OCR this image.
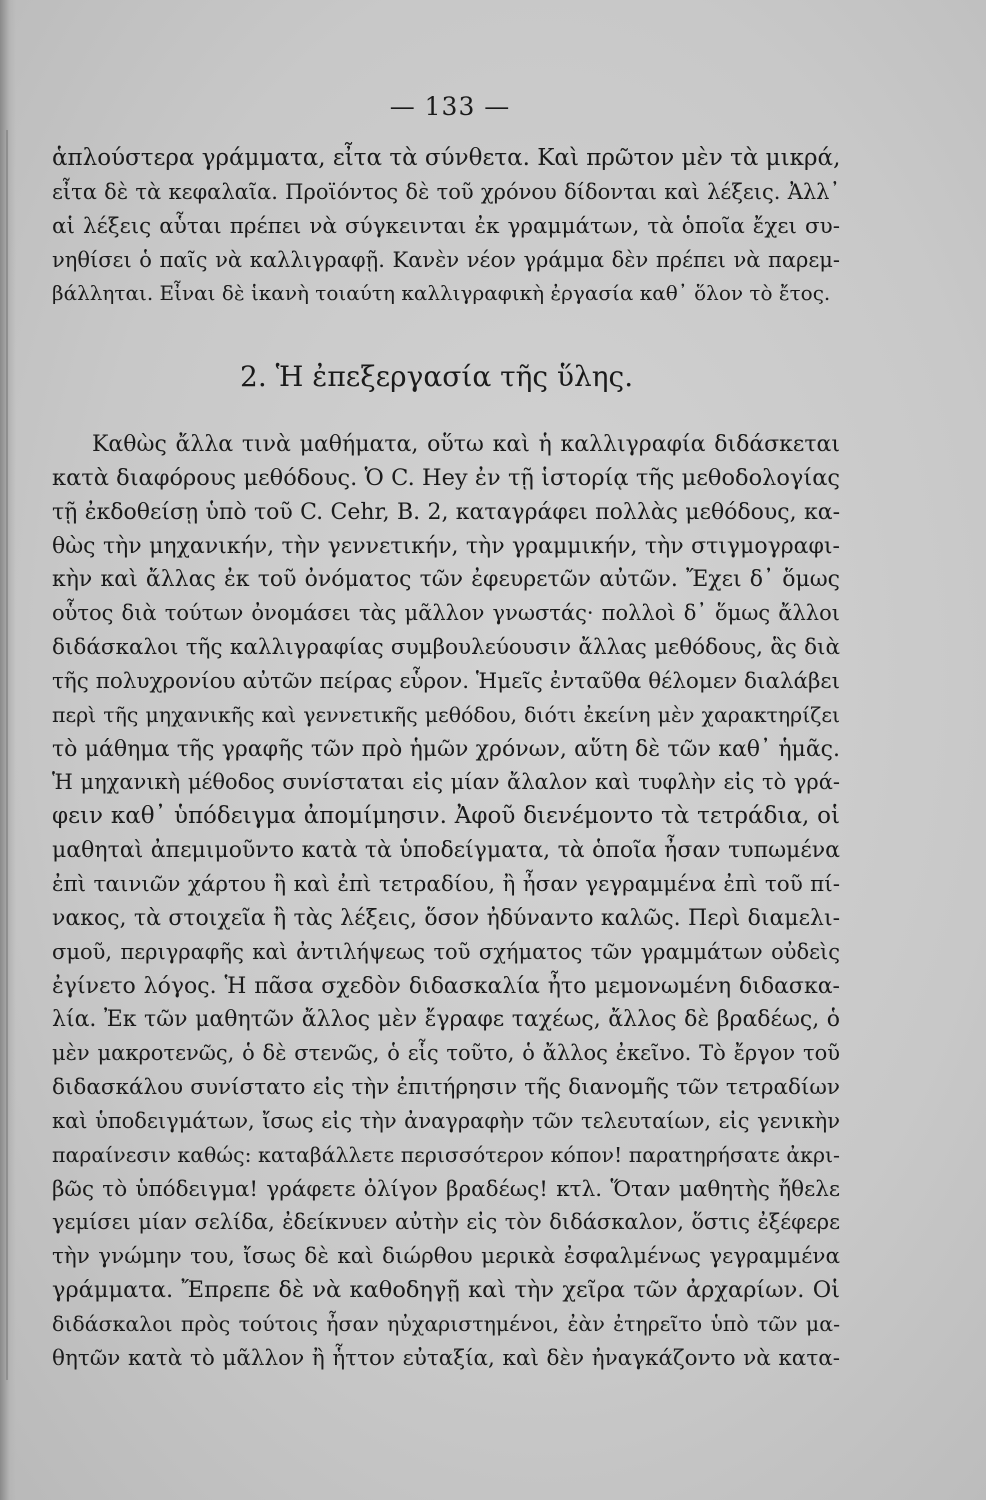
— 133 —
ἁπλούστερα γράμματα, εἶτα τὰ σύνθετα. Καὶ πρῶτον μὲν τὰ μικρά,
εἶτα δὲ τὰ κεφαλαῖα. Προϊόντος δὲ τοῦ χρόνου δίδονται καὶ λέξεις. Ἀλλ᾽
αἱ λέξεις αὗται πρέπει νὰ σύγκεινται ἐκ γραμμάτων, τὰ ὁποῖα ἔχει συ-
νηθίσει ὁ παῖς νὰ καλλιγραφῇ. Κανὲν νέον γράμμα δὲν πρέπει νὰ παρεμ-
βάλληται. Εἶναι δὲ ἱκανὴ τοιαύτη καλλιγραφικὴ ἐργασία καθ᾽ ὅλον τὸ ἔτος.
2. Ἡ ἐπεξεργασία τῆς ὕλης.
Καθὼς ἄλλα τινὰ μαθήματα, οὕτω καὶ ἡ καλλιγραφία διδάσκεται
κατὰ διαφόρους μεθόδους. Ὁ C. Hey ἐν τῇ ἱστορίᾳ τῆς μεθοδολογίας
τῇ ἐκδοθείσῃ ὑπὸ τοῦ C. Cehr, B. 2, καταγράφει πολλὰς μεθόδους, κα-
θὼς τὴν μηχανικήν, τὴν γεννετικήν, τὴν γραμμικήν, τὴν στιγμογραφι-
κὴν καὶ ἄλλας ἐκ τοῦ ὀνόματος τῶν ἐφευρετῶν αὐτῶν. Ἔχει δ᾽ ὅμως
οὗτος διὰ τούτων ὀνομάσει τὰς μᾶλλον γνωστάς· πολλοὶ δ᾽ ὅμως ἄλλοι
διδάσκαλοι τῆς καλλιγραφίας συμβουλεύουσιν ἄλλας μεθόδους, ἃς διὰ
τῆς πολυχρονίου αὐτῶν πείρας εὗρον. Ἡμεῖς ἐνταῦθα θέλομεν διαλάβει
περὶ τῆς μηχανικῆς καὶ γεννετικῆς μεθόδου, διότι ἐκείνη μὲν χαρακτηρίζει
τὸ μάθημα τῆς γραφῆς τῶν πρὸ ἡμῶν χρόνων, αὕτη δὲ τῶν καθ᾽ ἡμᾶς.
Ἡ μηχανικὴ μέθοδος συνίσταται εἰς μίαν ἄλαλον καὶ τυφλὴν εἰς τὸ γρά-
φειν καθ᾽ ὑπόδειγμα ἀπομίμησιν. Ἀφοῦ διενέμοντο τὰ τετράδια, οἱ
μαθηταὶ ἀπεμιμοῦντο κατὰ τὰ ὑποδείγματα, τὰ ὁποῖα ἦσαν τυπωμένα
ἐπὶ ταινιῶν χάρτου ἢ καὶ ἐπὶ τετραδίου, ἢ ἦσαν γεγραμμένα ἐπὶ τοῦ πί-
νακος, τὰ στοιχεῖα ἢ τὰς λέξεις, ὅσον ἠδύναντο καλῶς. Περὶ διαμελι-
σμοῦ, περιγραφῆς καὶ ἀντιλήψεως τοῦ σχήματος τῶν γραμμάτων οὐδεὶς
ἐγίνετο λόγος. Ἡ πᾶσα σχεδὸν διδασκαλία ἦτο μεμονωμένη διδασκα-
λία. Ἐκ τῶν μαθητῶν ἄλλος μὲν ἔγραφε ταχέως, ἄλλος δὲ βραδέως, ὁ
μὲν μακροτενῶς, ὁ δὲ στενῶς, ὁ εἷς τοῦτο, ὁ ἄλλος ἐκεῖνο. Τὸ ἔργον τοῦ
διδασκάλου συνίστατο εἰς τὴν ἐπιτήρησιν τῆς διανομῆς τῶν τετραδίων
καὶ ὑποδειγμάτων, ἴσως εἰς τὴν ἀναγραφὴν τῶν τελευταίων, εἰς γενικὴν
παραίνεσιν καθώς: καταβάλλετε περισσότερον κόπον! παρατηρήσατε ἀκρι-
βῶς τὸ ὑπόδειγμα! γράφετε ὀλίγον βραδέως! κτλ. Ὅταν μαθητὴς ἤθελε
γεμίσει μίαν σελίδα, ἐδείκνυεν αὐτὴν εἰς τὸν διδάσκαλον, ὅστις ἐξέφερε
τὴν γνώμην του, ἴσως δὲ καὶ διώρθου μερικὰ ἐσφαλμένως γεγραμμένα
γράμματα. Ἔπρεπε δὲ νὰ καθοδηγῇ καὶ τὴν χεῖρα τῶν ἀρχαρίων. Οἱ
διδάσκαλοι πρὸς τούτοις ἦσαν ηὐχαριστημένοι, ἐὰν ἐτηρεῖτο ὑπὸ τῶν μα-
θητῶν κατὰ τὸ μᾶλλον ἢ ἧττον εὐταξία, καὶ δὲν ἠναγκάζοντο νὰ κατα-
